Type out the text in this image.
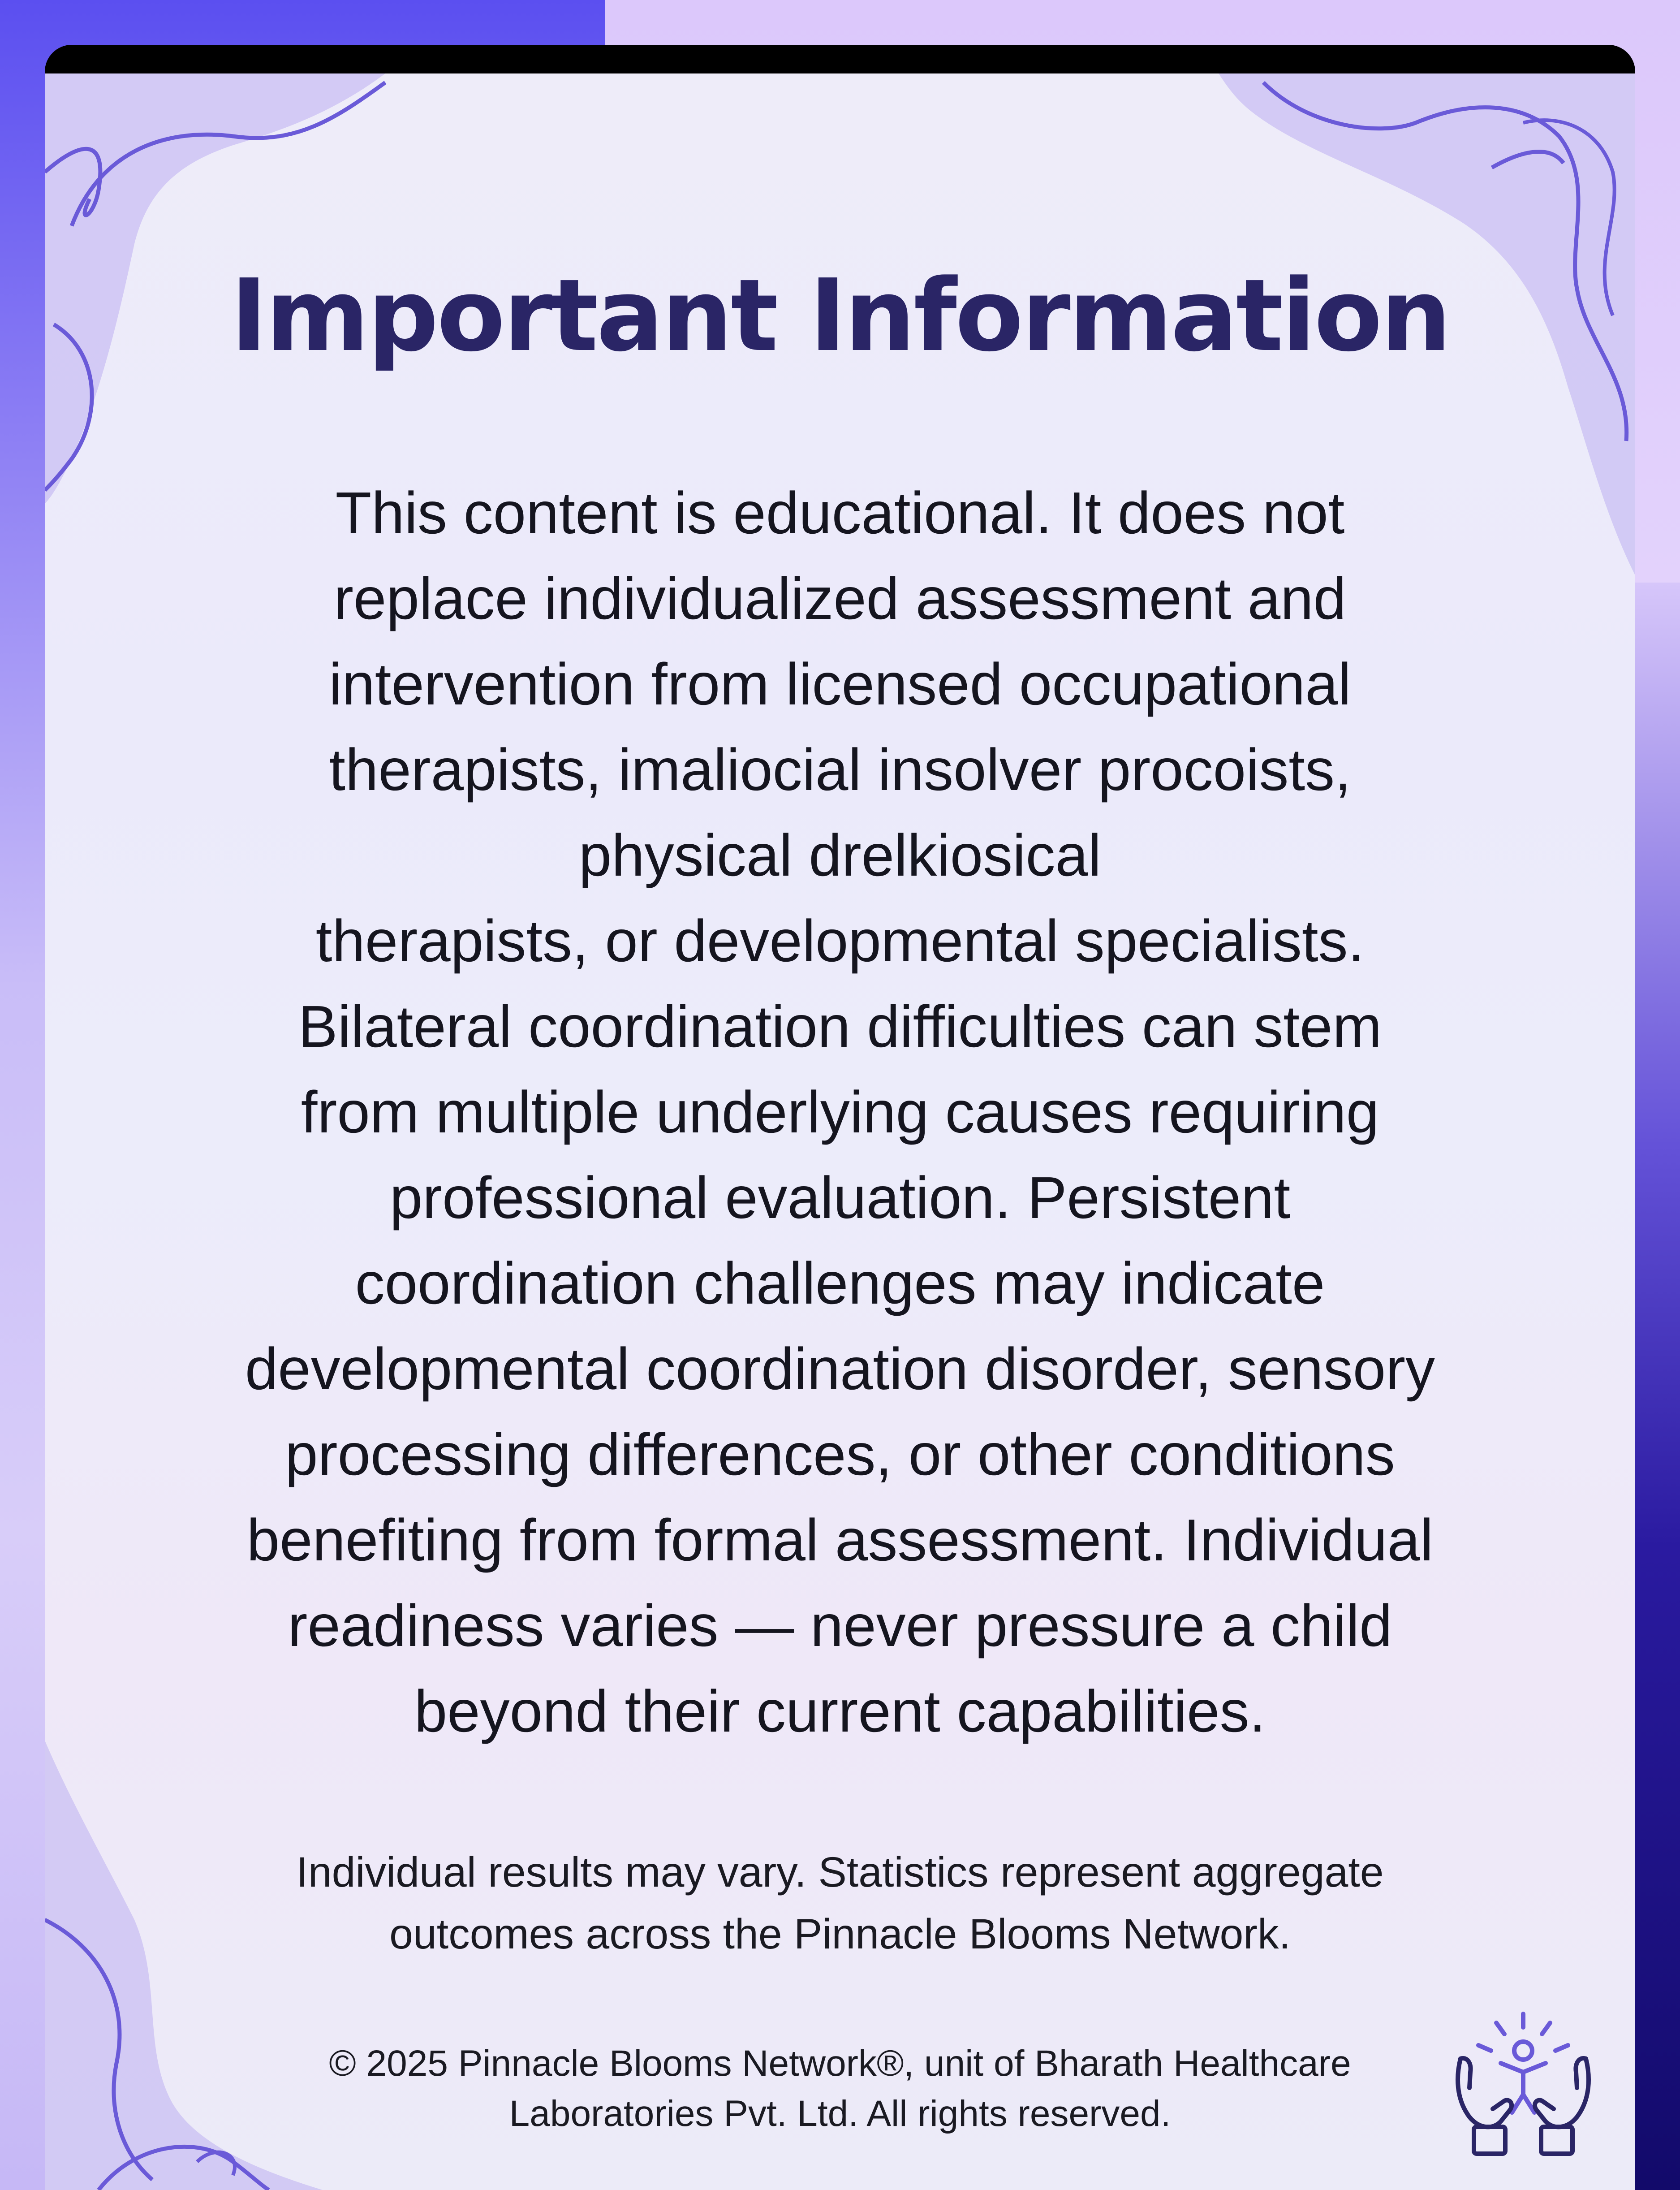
Important Information
This content is educational. It does not
replace individualized assessment and
intervention from licensed occupational
therapists, imaliocial insolver procoists,
physical drelkiosical
therapists, or developmental specialists.
Bilateral coordination difficulties can stem
from multiple underlying causes requiring
professional evaluation. Persistent
coordination challenges may indicate
developmental coordination disorder, sensory
processing differences, or other conditions
benefiting from formal assessment. Individual
readiness varies — never pressure a child
beyond their current capabilities.
Individual results may vary. Statistics represent aggregate
outcomes across the Pinnacle Blooms Network.
© 2025 Pinnacle Blooms Network®, unit of Bharath Healthcare
Laboratories Pvt. Ltd. All rights reserved.
